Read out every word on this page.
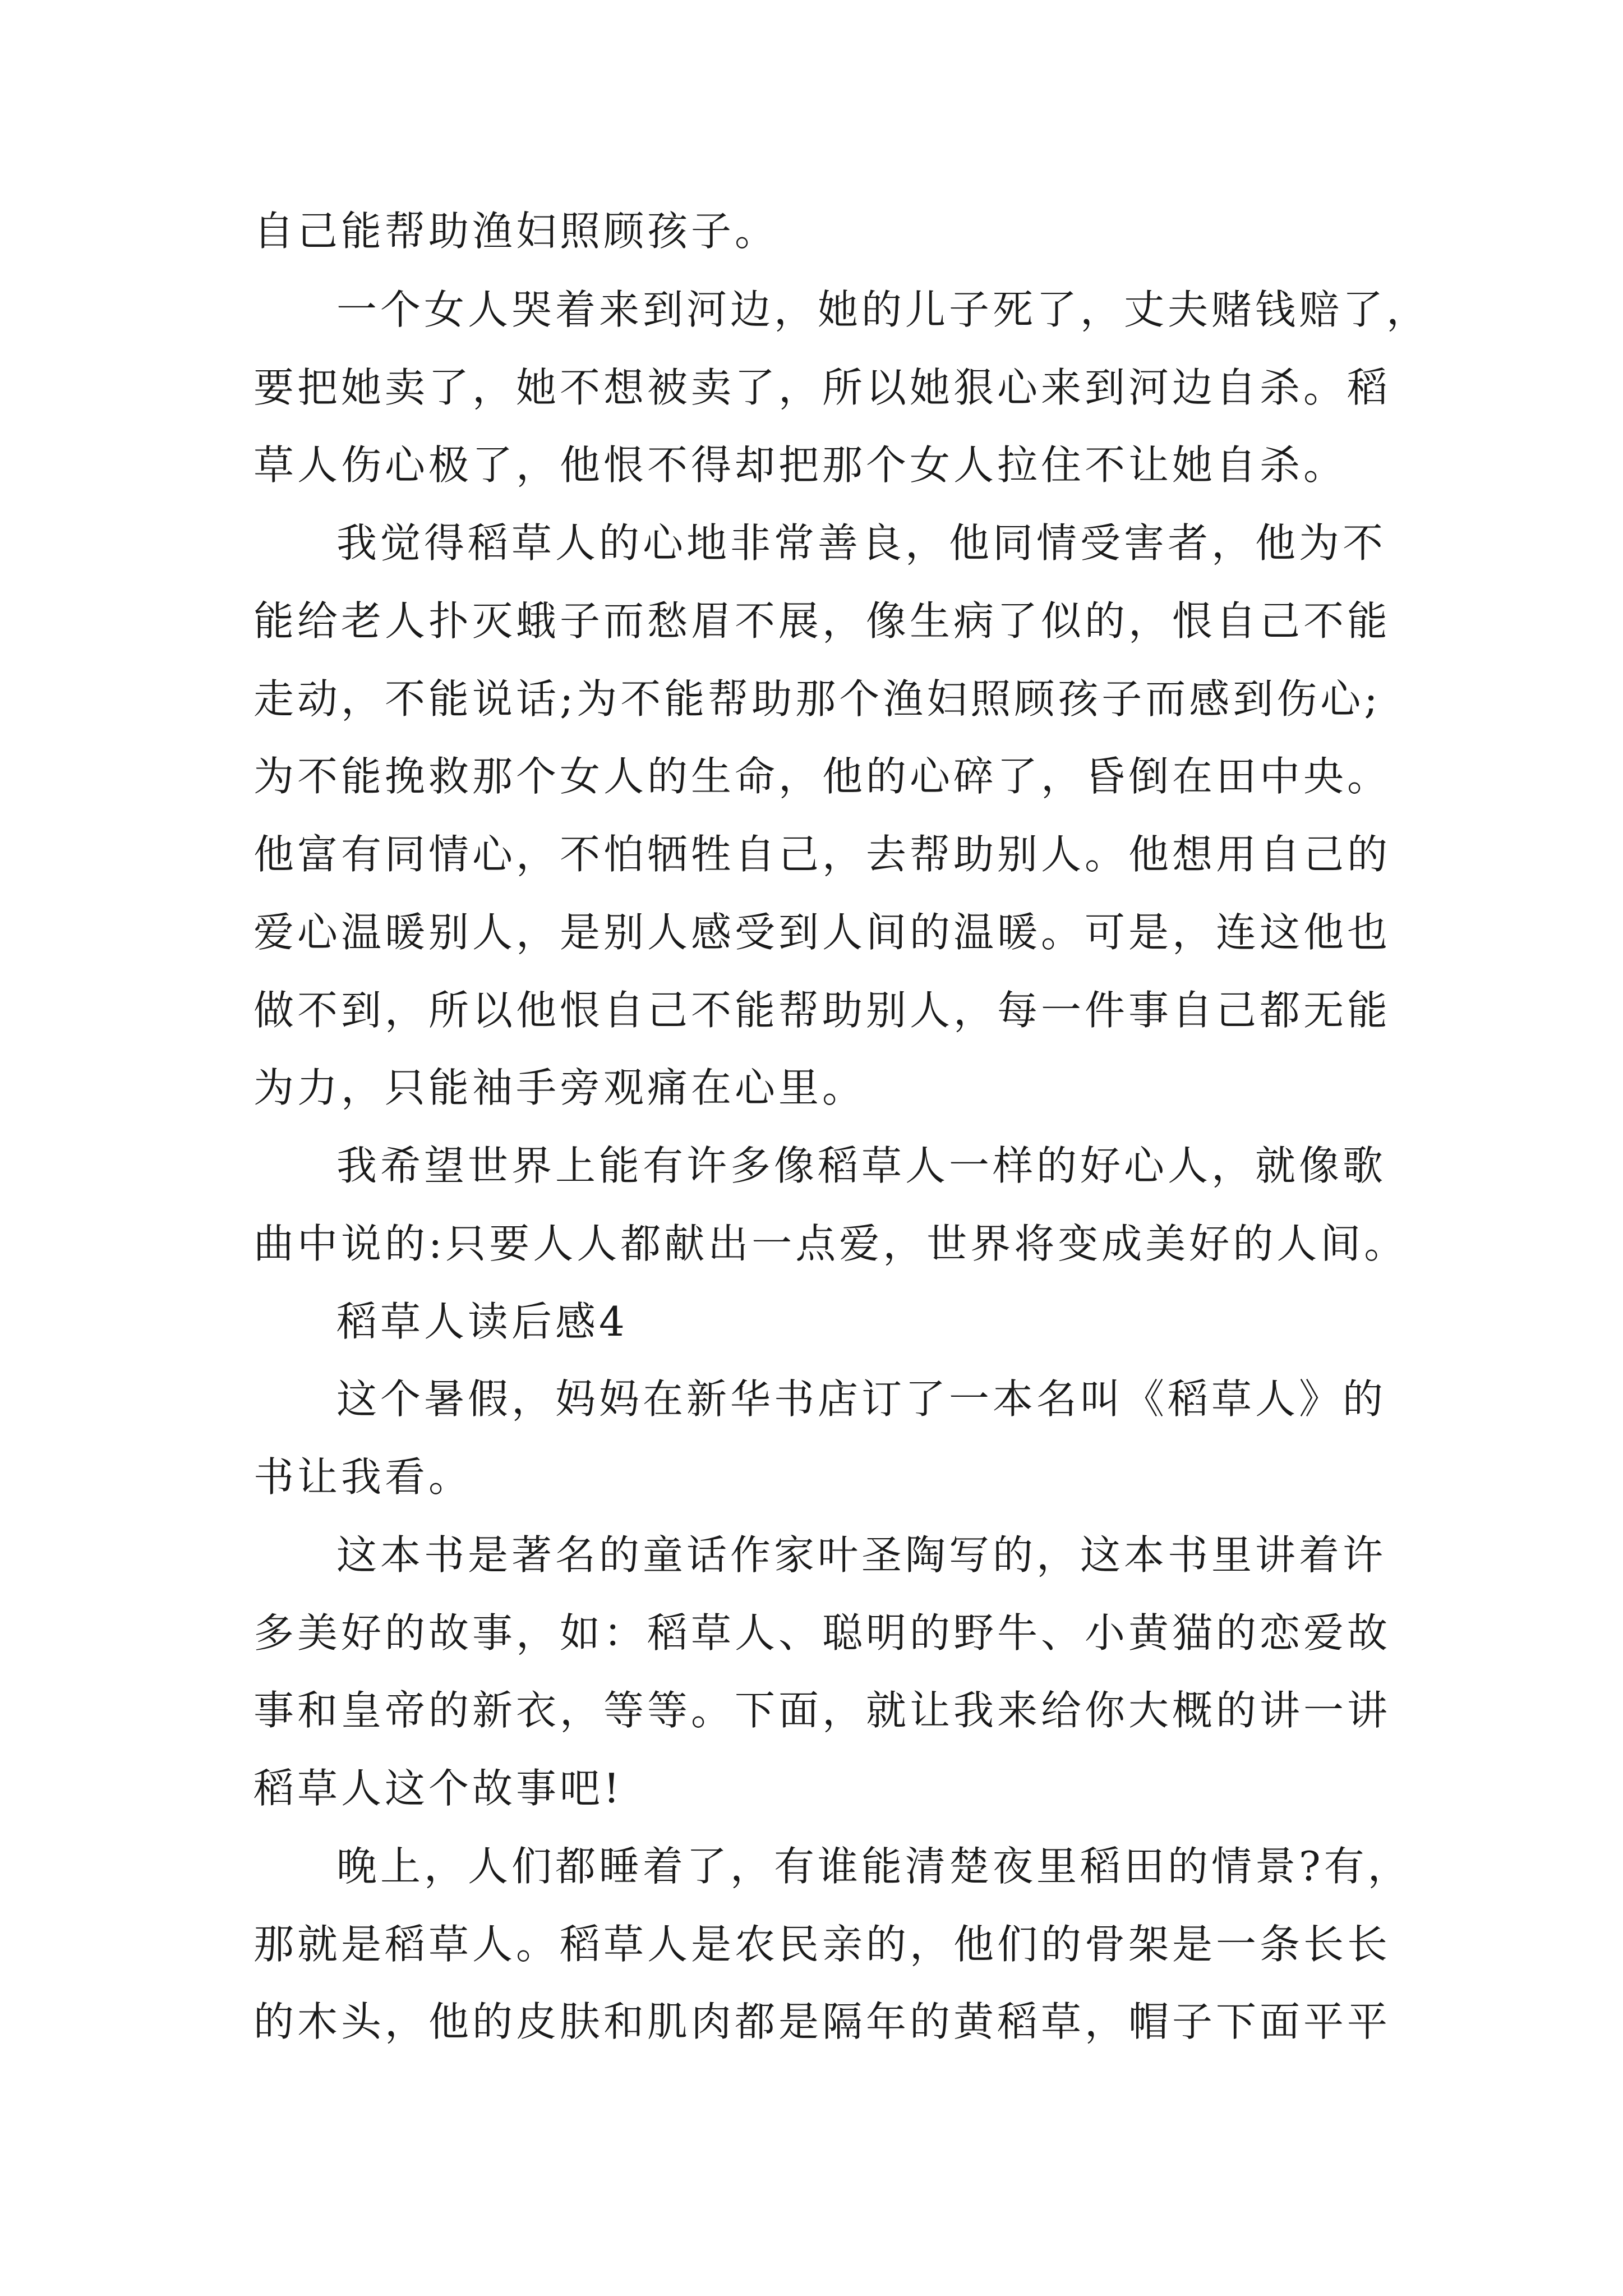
自己能帮助渔妇照顾孩子。
一个女人哭着来到河边，她的儿子死了，丈夫赌钱赔了，
要把她卖了，她不想被卖了，所以她狠心来到河边自杀。稻
草人伤心极了，他恨不得却把那个女人拉住不让她自杀。
我觉得稻草人的心地非常善良，他同情受害者，他为不
能给老人扑灭蛾子而愁眉不展，像生病了似的，恨自己不能
走动，不能说话;为不能帮助那个渔妇照顾孩子而感到伤心;
为不能挽救那个女人的生命，他的心碎了，昏倒在田中央。
他富有同情心，不怕牺牲自己，去帮助别人。他想用自己的
爱心温暖别人，是别人感受到人间的温暖。可是，连这他也
做不到，所以他恨自己不能帮助别人，每一件事自己都无能
为力，只能袖手旁观痛在心里。
我希望世界上能有许多像稻草人一样的好心人，就像歌
曲中说的:只要人人都献出一点爱，世界将变成美好的人间。
稻草人读后感4
这个暑假，妈妈在新华书店订了一本名叫《稻草人》的
书让我看。
这本书是著名的童话作家叶圣陶写的，这本书里讲着许
多美好的故事，如：稻草人、聪明的野牛、小黄猫的恋爱故
事和皇帝的新衣，等等。下面，就让我来给你大概的讲一讲
稻草人这个故事吧!
晚上，人们都睡着了，有谁能清楚夜里稻田的情景?有，
那就是稻草人。稻草人是农民亲的，他们的骨架是一条长长
的木头，他的皮肤和肌肉都是隔年的黄稻草，帽子下面平平
